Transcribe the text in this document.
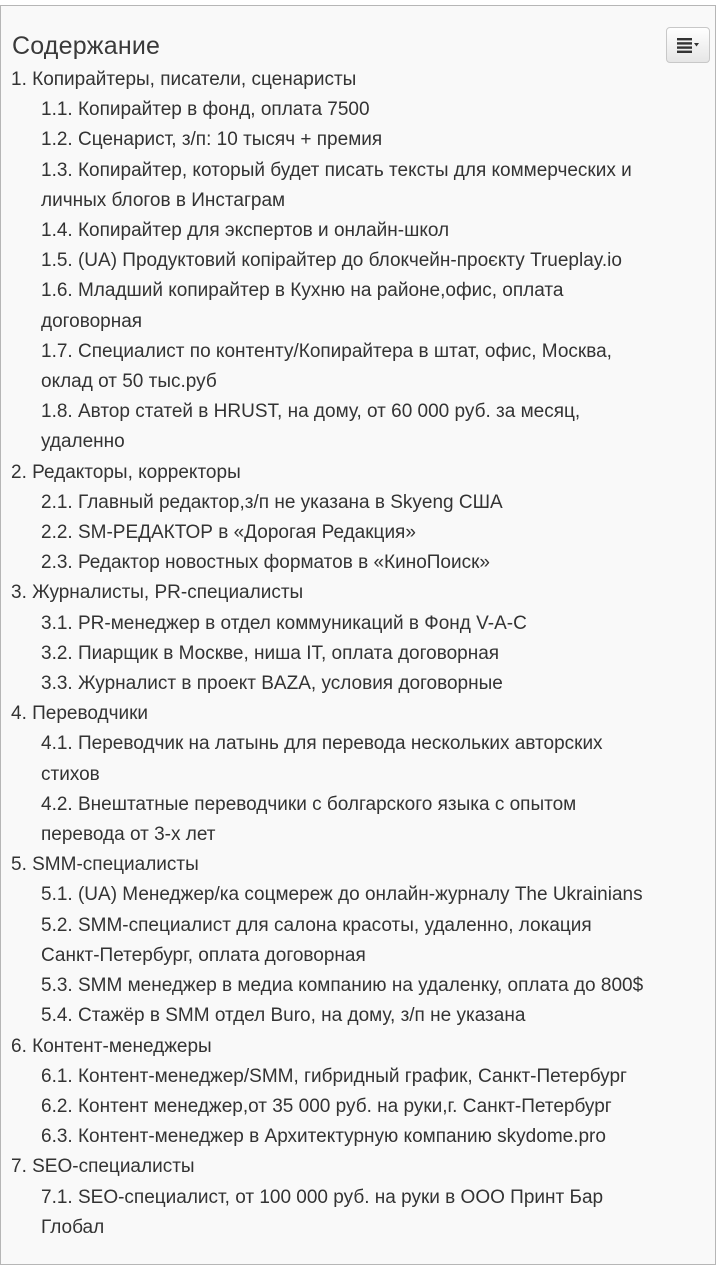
Содержание
1. Копирайтеры, писатели, сценаристы
1.1. Копирайтер в фонд, оплата 7500
1.2. Сценарист, з/п: 10 тысяч + премия
1.3. Копирайтер, который будет писать тексты для коммерческих и
личных блогов в Инстаграм
1.4. Копирайтер для экспертов и онлайн-школ
1.5. (UA) Продуктовий копірайтер до блокчейн-проєкту Trueplay.io
1.6. Младший копирайтер в Кухню на районе,офис, оплата
договорная
1.7. Специалист по контенту/Копирайтера в штат, офис, Москва,
оклад от 50 тыс.руб
1.8. Автор статей в HRUST, на дому, от 60 000 руб. за месяц,
удаленно
2. Редакторы, корректоры
2.1. Главный редактор,з/п не указана в Skyeng США
2.2. SM-РЕДАКТОР в «Дорогая Редакция»
2.3. Редактор новостных форматов в «КиноПоиск»
3. Журналисты, PR-специалисты
3.1. PR-менеджер в отдел коммуникаций в Фонд V-A-C
3.2. Пиарщик в Москве, ниша IT, оплата договорная
3.3. Журналист в проект BAZA, условия договорные
4. Переводчики
4.1. Переводчик на латынь для перевода нескольких авторских
стихов
4.2. Внештатные переводчики с болгарского языка с опытом
перевода от 3-х лет
5. SMM-специалисты
5.1. (UA) Менеджер/ка соцмереж до онлайн-журналу The Ukrainians
5.2. SMM-специалист для салона красоты, удаленно, локация
Санкт-Петербург, оплата договорная
5.3. SMM менеджер в медиа компанию на удаленку, оплата до 800$
5.4. Стажёр в SMM отдел Buro, на дому, з/п не указана
6. Контент-менеджеры
6.1. Контент-менеджер/SMM, гибридный график, Санкт-Петербург
6.2. Контент менеджер,от 35 000 руб. на руки,г. Санкт-Петербург
6.3. Контент-менеджер в Архитектурную компанию skydome.pro
7. SEO-специалисты
7.1. SEO-специалист, от 100 000 руб. на руки в ООО Принт Бар
Глобал
